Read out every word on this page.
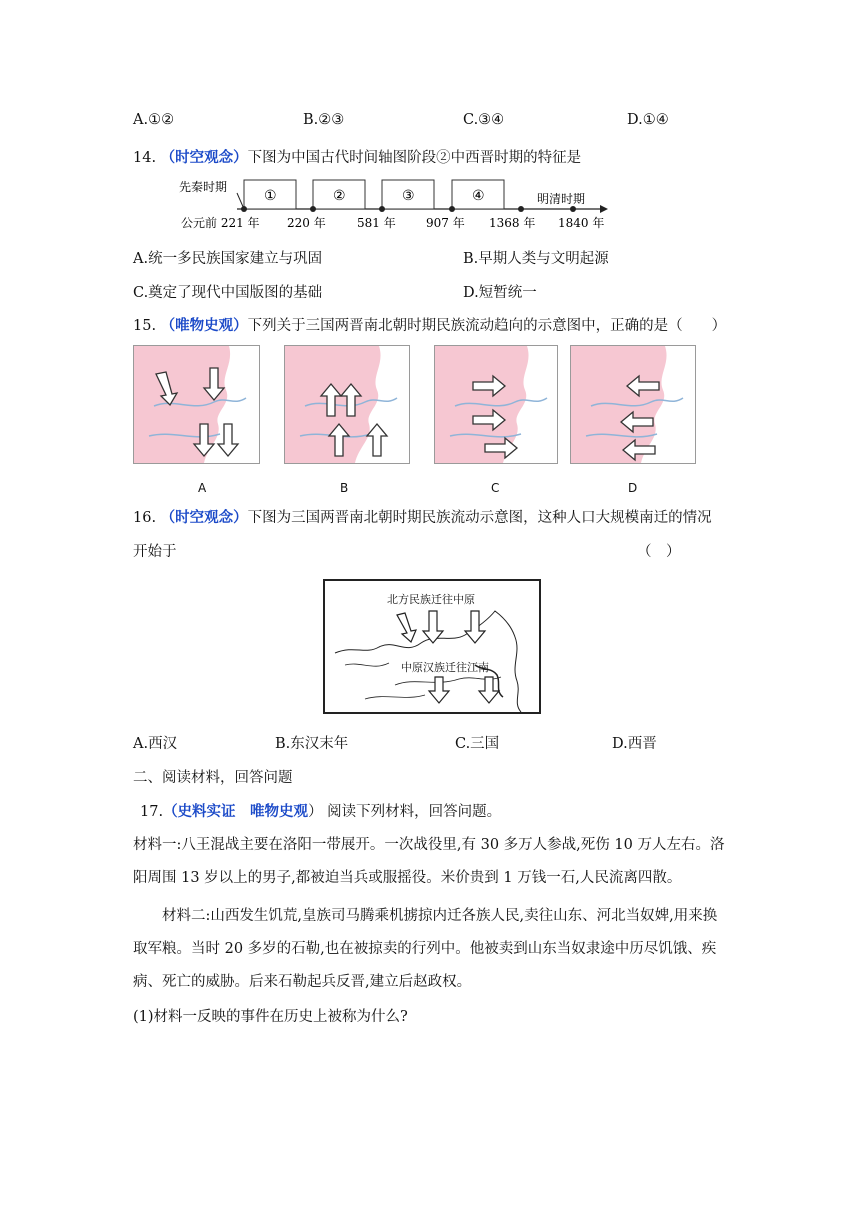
A.①②	B.②③	C.③④	D.①④
14. （时空观念）下图为中国古代时间轴图阶段②中西晋时期的特征是
先秦时期
明清时期
①	②	③	④
公元前 221 年 220 年	581 年	907 年 1368 年 1840 年
A.统一多民族国家建立与巩固	B.早期人类与文明起源
C.奠定了现代中国版图的基础	D.短暂统一
15. （唯物史观）下列关于三国两晋南北朝时期民族流动趋向的示意图中，正确的是（　　）
A	B	C	D
16. （时空观念）下图为三国两晋南北朝时期民族流动示意图，这种人口大规模南迁的情况
开始于	（　）
北方民族迁往中原
中原汉族迁往江南
A.西汉	B.东汉末年	C.三国	D.西晋
二、阅读材料，回答问题
17.（史料实证　唯物史观） 阅读下列材料，回答问题。
材料一:八王混战主要在洛阳一带展开。一次战役里,有 30 多万人参战,死伤 10 万人左右。洛
阳周围 13 岁以上的男子,都被迫当兵或服摇役。米价贵到 1 万钱一石,人民流离四散。
材料二:山西发生饥荒,皇族司马腾乘机掳掠内迁各族人民,卖往山东、河北当奴婢,用来换
取军粮。当时 20 多岁的石勒,也在被掠卖的行列中。他被卖到山东当奴隶途中历尽饥饿、疾
病、死亡的威胁。后来石勒起兵反晋,建立后赵政权。
(1)材料一反映的事件在历史上被称为什么?
